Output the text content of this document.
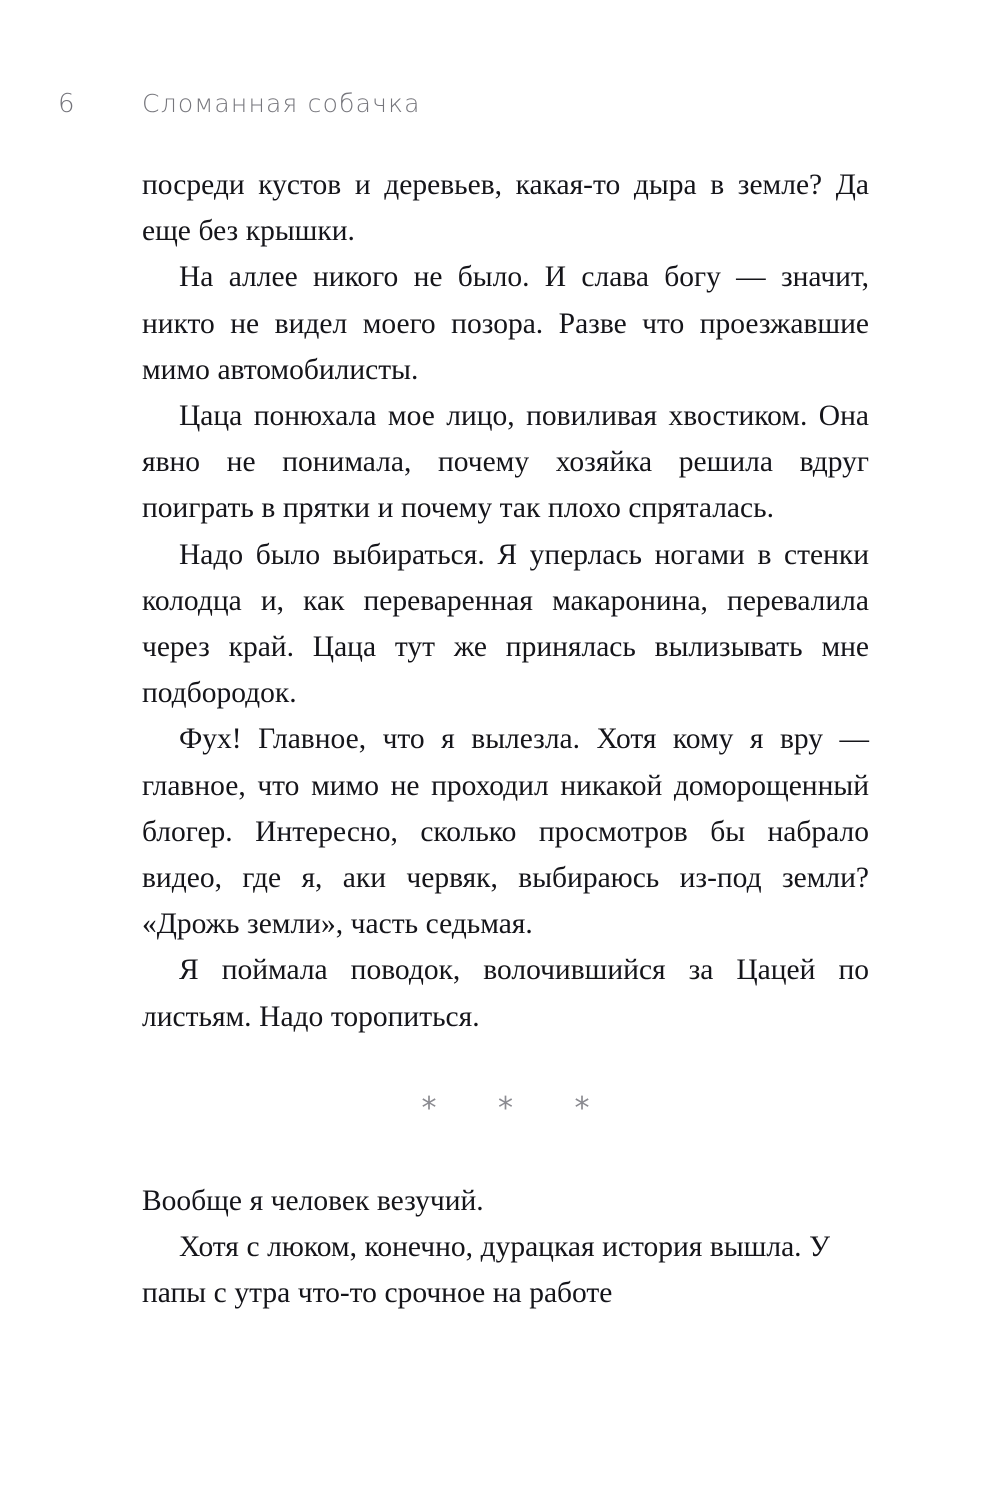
6	Сломанная собачка

посреди кустов и деревьев, какая-то дыра в земле? Да еще без крышки.

На аллее никого не было. И слава богу — значит, никто не видел моего позора. Разве что проезжавшие мимо автомобилисты.

Цаца понюхала мое лицо, повиливая хвостиком. Она явно не понимала, почему хозяйка решила вдруг поиграть в прятки и почему так плохо спряталась.

Надо было выбираться. Я уперлась ногами в стенки колодца и, как переваренная макаронина, перевалила через край. Цаца тут же принялась вылизывать мне подбородок.

Фух! Главное, что я вылезла. Хотя кому я вру — главное, что мимо не проходил никакой доморощенный блогер. Интересно, сколько просмотров бы набрало видео, где я, аки червяк, выбираюсь из-под земли? «Дрожь земли», часть седьмая.

Я поймала поводок, волочившийся за Цацей по листьям. Надо торопиться.

* * *

Вообще я человек везучий.

Хотя с люком, конечно, дурацкая история вышла. У папы с утра что-то срочное на работе
